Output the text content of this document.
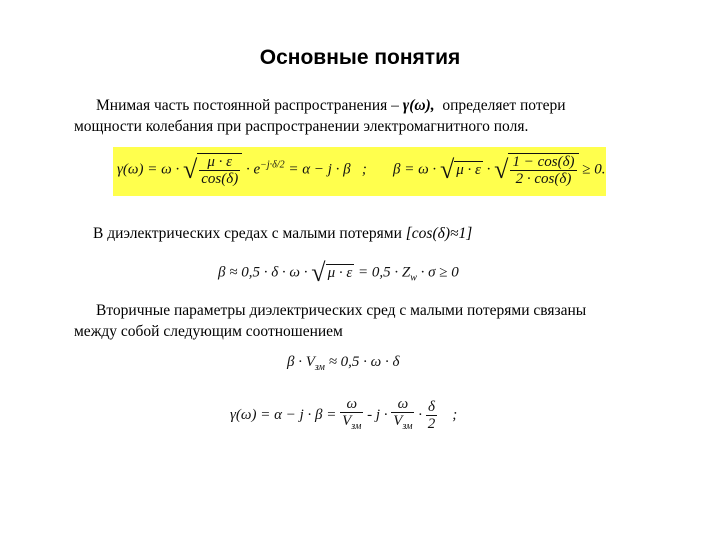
Основные понятия
Мнимая часть постоянной распространения – γ(ω), определяет потери
мощности колебания при распространении электромагнитного поля.
γ(ω) = ω · √ $\frac{\mu \cdot \varepsilon}{\cos(\delta)} \cdot e^{-j\cdot\delta/2} = \alpha - j \cdot \beta$ ; β = ω · √ μ · ε · √ $\frac{1 - \cos(\delta)}{2 \cdot \cos(\delta)} \ge 0$.
В диэлектрических средах с малыми потерями [cos(δ)≈1]
β ≈ 0,5 · δ · ω · √ $\mu \cdot \varepsilon = 0,5 \cdot Z_w \cdot \sigma \ge 0$
Вторичные параметры диэлектрических сред с малыми потерями связаны
между собой следующим соотношением
$\beta \cdot V_{зм} \approx 0,5 \cdot \omega \cdot \delta$
$\gamma(\omega) = \alpha - j \cdot \beta = \frac{\omega}{V_{зм}} - j \cdot \frac{\omega}{V_{зм}} \cdot \frac{\delta}{2}$ ;
